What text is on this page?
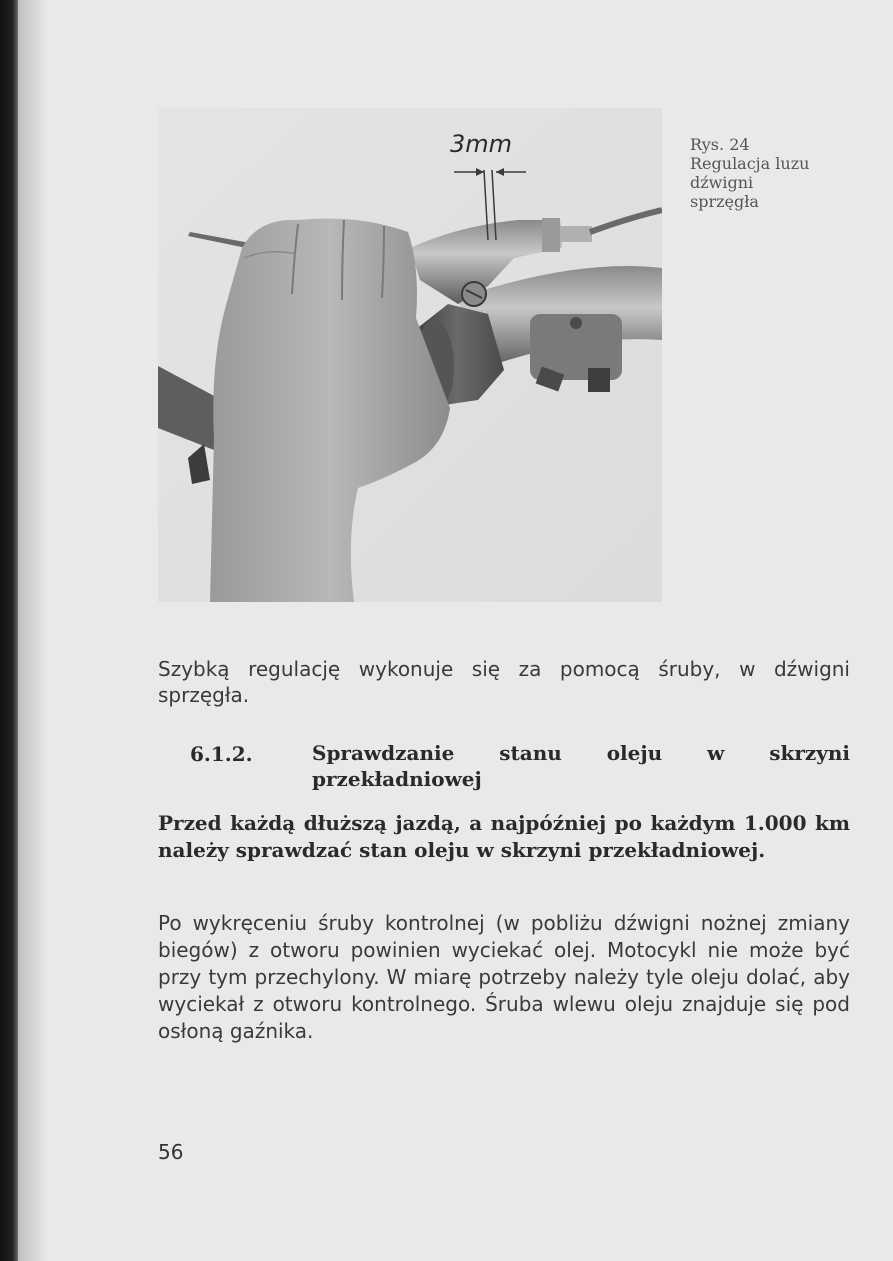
3mm	Rys. 24
Regulacja luzu
dźwigni
sprzęgła
Szybką regulację wykonuje się za pomocą śruby, w dźwigni sprzęgła.
6.1.2.	Sprawdzanie stanu oleju w skrzyni przekładniowej
Przed każdą dłuższą jazdą, a najpóźniej po każdym 1.000 km należy sprawdzać stan oleju w skrzyni przekładniowej.
Po wykręceniu śruby kontrolnej (w pobliżu dźwigni nożnej zmiany biegów) z otworu powinien wyciekać olej. Motocykl nie może być przy tym przechylony. W miarę potrzeby należy tyle oleju dolać, aby wyciekał z otworu kontrolnego. Śruba wlewu oleju znajduje się pod osłoną gaźnika.
56
